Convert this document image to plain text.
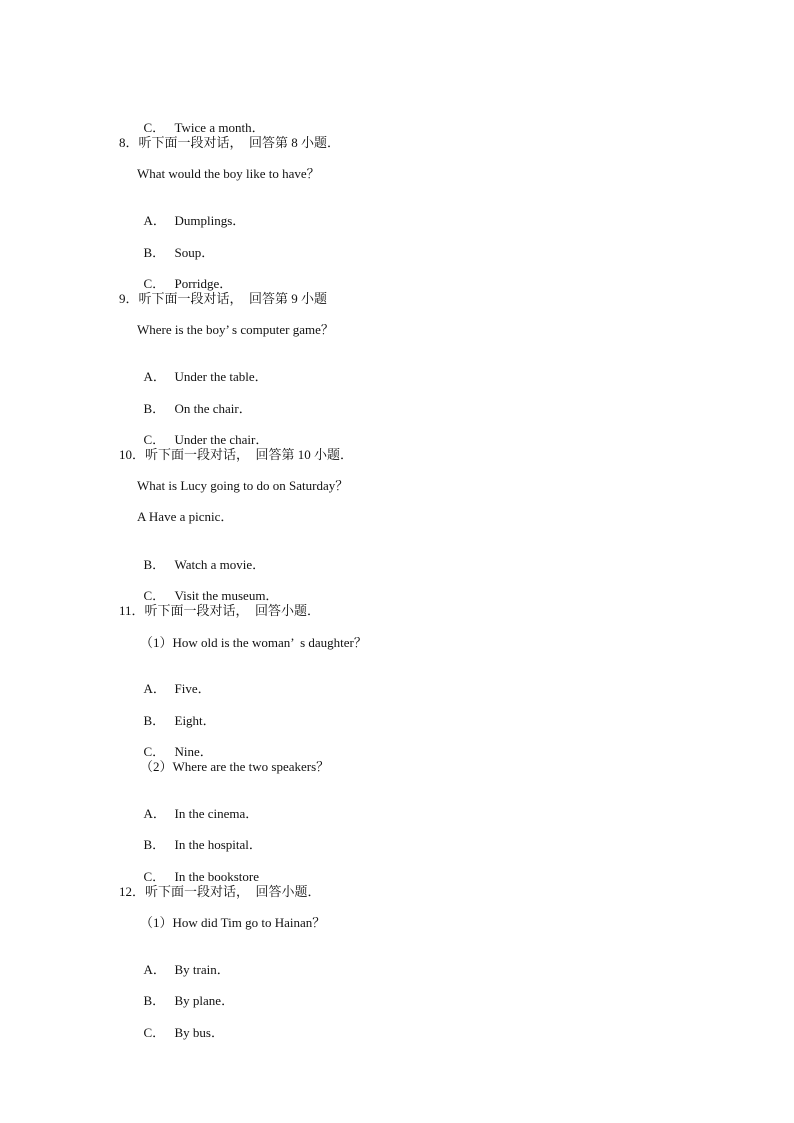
C． Twice a month．

8．听下面一段对话，  回答第 8 小题．
What would the boy like to have？

A． Dumplings．

B． Soup．

C． Porridge．

9．听下面一段对话，  回答第 9 小题
Where is the boy’ s computer game？

A． Under the table．

B． On the chair．

C． Under the chair．

10．听下面一段对话，  回答第 10 小题．
What is Lucy going to do on Saturday？
A Have a picnic．

B． Watch a movie．

C． Visit the museum．

11．听下面一段对话，  回答小题．
（1）How old is the woman’  s daughter？

A． Five．

B． Eight．

C． Nine．

（2）Where are the two speakers？

A． In the cinema．

B． In the hospital．

C． In the bookstore

12．听下面一段对话，  回答小题．
（1）How did Tim go to Hainan？

A． By train．

B． By plane．

C． By bus．
